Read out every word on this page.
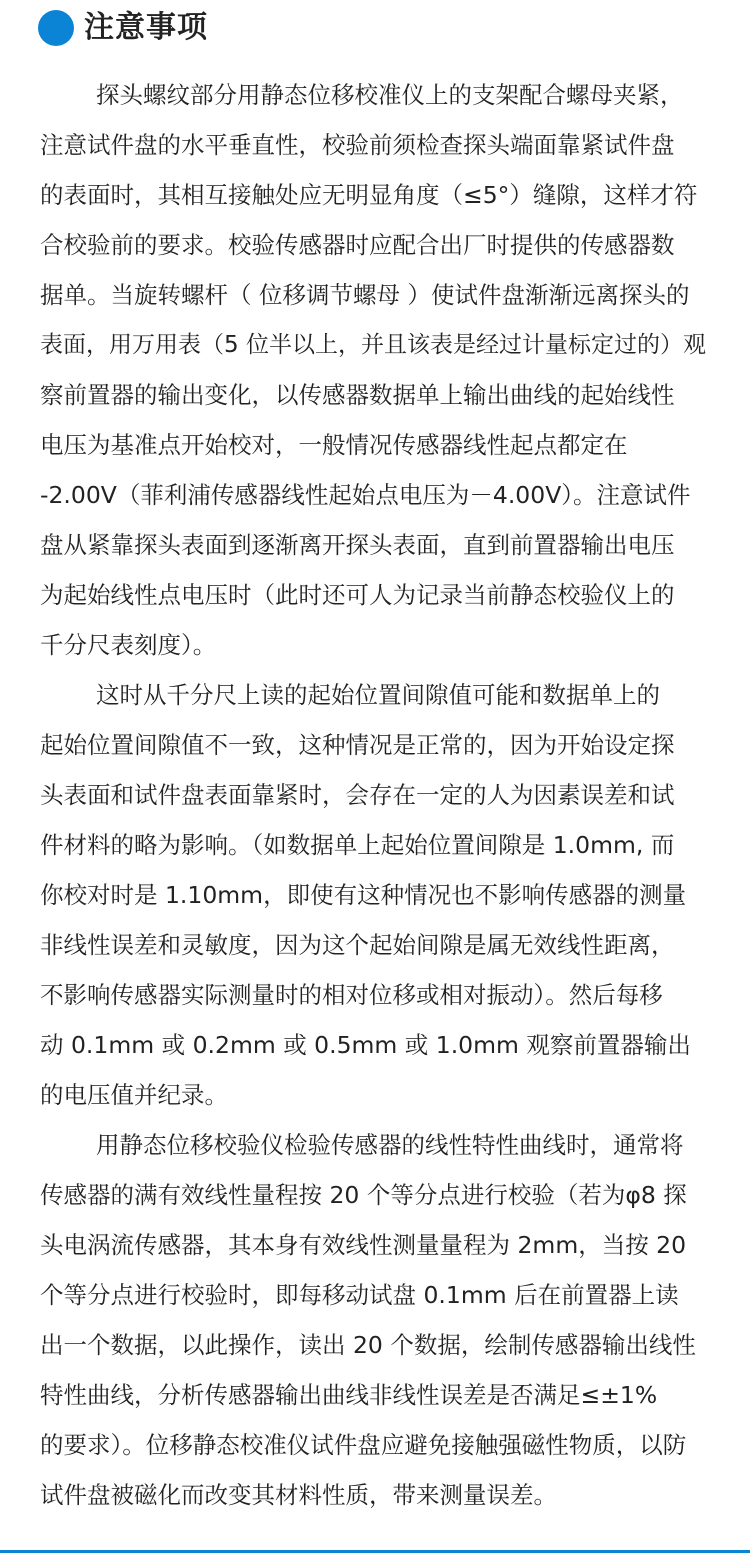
注意事项

探头螺纹部分用静态位移校准仪上的支架配合螺母夹紧，
注意试件盘的水平垂直性，校验前须检查探头端面靠紧试件盘
的表面时，其相互接触处应无明显角度（≤5°）缝隙，这样才符
合校验前的要求。校验传感器时应配合出厂时提供的传感器数
据单。当旋转螺杆（ 位移调节螺母 ）使试件盘渐渐远离探头的
表面，用万用表（5 位半以上，并且该表是经过计量标定过的）观
察前置器的输出变化，以传感器数据单上输出曲线的起始线性
电压为基准点开始校对，一般情况传感器线性起点都定在
-2.00V（菲利浦传感器线性起始点电压为－4.00V）。注意试件
盘从紧靠探头表面到逐渐离开探头表面，直到前置器输出电压
为起始线性点电压时（此时还可人为记录当前静态校验仪上的
千分尺表刻度）。

这时从千分尺上读的起始位置间隙值可能和数据单上的
起始位置间隙值不一致，这种情况是正常的，因为开始设定探
头表面和试件盘表面靠紧时，会存在一定的人为因素误差和试
件材料的略为影响。（如数据单上起始位置间隙是 1.0mm, 而
你校对时是 1.10mm，即使有这种情况也不影响传感器的测量
非线性误差和灵敏度，因为这个起始间隙是属无效线性距离，
不影响传感器实际测量时的相对位移或相对振动）。然后每移
动 0.1mm 或 0.2mm 或 0.5mm 或 1.0mm 观察前置器输出
的电压值并纪录。

用静态位移校验仪检验传感器的线性特性曲线时，通常将
传感器的满有效线性量程按 20 个等分点进行校验（若为φ8 探
头电涡流传感器，其本身有效线性测量量程为 2mm，当按 20
个等分点进行校验时，即每移动试盘 0.1mm 后在前置器上读
出一个数据，以此操作，读出 20 个数据，绘制传感器输出线性
特性曲线，分析传感器输出曲线非线性误差是否满足≤±1%
的要求）。位移静态校准仪试件盘应避免接触强磁性物质，以防
试件盘被磁化而改变其材料性质，带来测量误差。
